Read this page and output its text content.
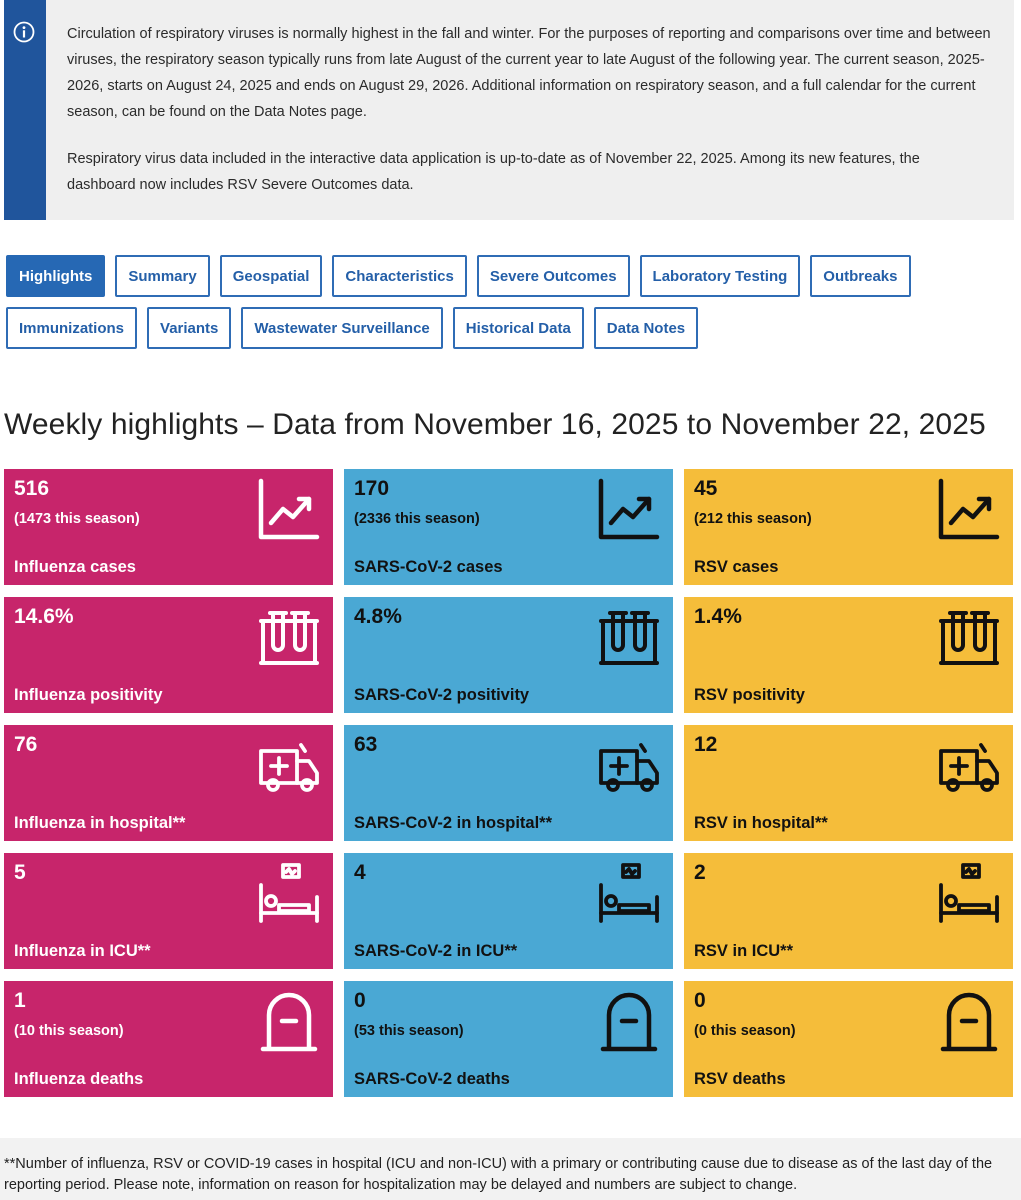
Circulation of respiratory viruses is normally highest in the fall and winter. For the purposes of reporting and comparisons over time and between viruses, the respiratory season typically runs from late August of the current year to late August of the following year. The current season, 2025-2026, starts on August 24, 2025 and ends on August 29, 2026. Additional information on respiratory season, and a full calendar for the current season, can be found on the Data Notes page.

Respiratory virus data included in the interactive data application is up-to-date as of November 22, 2025. Among its new features, the dashboard now includes RSV Severe Outcomes data.

Highlights	Summary	Geospatial	Characteristics	Severe Outcomes	Laboratory Testing	Outbreaks
Immunizations	Variants	Wastewater Surveillance	Historical Data	Data Notes
Weekly highlights – Data from November 16, 2025 to November 22, 2025
516
(1473 this season)
Influenza cases
170
(2336 this season)
SARS-CoV-2 cases
45
(212 this season)
RSV cases
14.6%
Influenza positivity
4.8%
SARS-CoV-2 positivity
1.4%
RSV positivity
76
Influenza in hospital**
63
SARS-CoV-2 in hospital**
12
RSV in hospital**
5
Influenza in ICU**
4
SARS-CoV-2 in ICU**
2
RSV in ICU**
1
(10 this season)
Influenza deaths
0
(53 this season)
SARS-CoV-2 deaths
0
(0 this season)
RSV deaths
**Number of influenza, RSV or COVID-19 cases in hospital (ICU and non-ICU) with a primary or contributing cause due to disease as of the last day of the reporting period. Please note, information on reason for hospitalization may be delayed and numbers are subject to change.
